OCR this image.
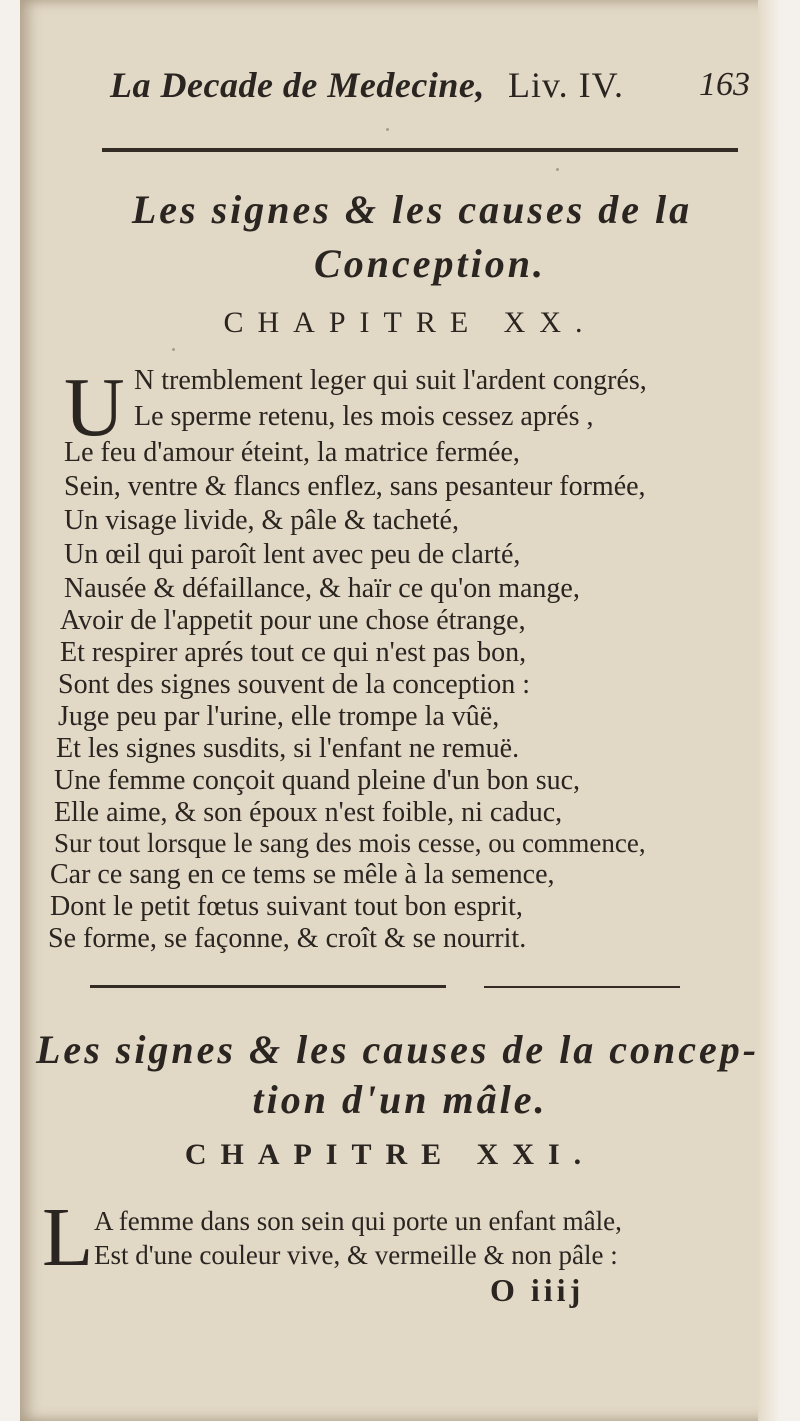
La Decade de Medecine, Liv. IV. 163
Les signes & les causes de la
Conception.
CHAPITRE XX.
U N tremblement leger qui suit l'ardent congrés,
Le sperme retenu, les mois cessez aprés ,
Le feu d'amour éteint, la matrice fermée,
Sein, ventre & flancs enflez, sans pesanteur formée,
Un visage livide, & pâle & tacheté,
Un œil qui paroît lent avec peu de clarté,
Nausée & défaillance, & haïr ce qu'on mange,
Avoir de l'appetit pour une chose étrange,
Et respirer aprés tout ce qui n'est pas bon,
Sont des signes souvent de la conception :
Juge peu par l'urine, elle trompe la vûë,
Et les signes susdits, si l'enfant ne remuë.
Une femme conçoit quand pleine d'un bon suc,
Elle aime, & son époux n'est foible, ni caduc,
Sur tout lorsque le sang des mois cesse, ou commence,
Car ce sang en ce tems se mêle à la semence,
Dont le petit fœtus suivant tout bon esprit,
Se forme, se façonne, & croît & se nourrit.
Les signes & les causes de la concep-
tion d'un mâle.
CHAPITRE XXI.
L A femme dans son sein qui porte un enfant mâle,
Est d'une couleur vive, & vermeille & non pâle :
O iiij
